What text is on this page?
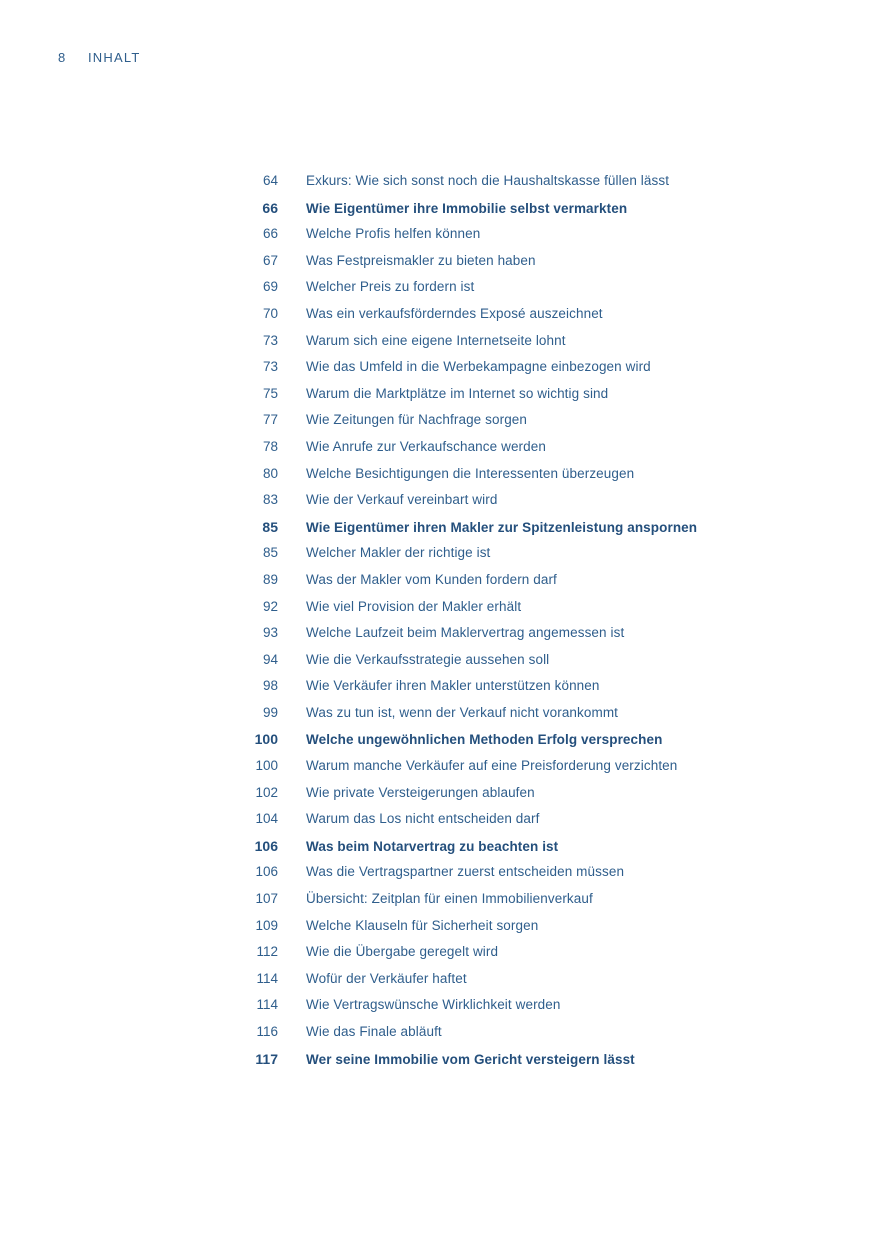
8 INHALT
64 Exkurs: Wie sich sonst noch die Haushaltskasse füllen lässt
66 Wie Eigentümer ihre Immobilie selbst vermarkten
66 Welche Profis helfen können
67 Was Festpreismakler zu bieten haben
69 Welcher Preis zu fordern ist
70 Was ein verkaufsförderndes Exposé auszeichnet
73 Warum sich eine eigene Internetseite lohnt
73 Wie das Umfeld in die Werbekampagne einbezogen wird
75 Warum die Marktplätze im Internet so wichtig sind
77 Wie Zeitungen für Nachfrage sorgen
78 Wie Anrufe zur Verkaufschance werden
80 Welche Besichtigungen die Interessenten überzeugen
83 Wie der Verkauf vereinbart wird
85 Wie Eigentümer ihren Makler zur Spitzenleistung anspornen
85 Welcher Makler der richtige ist
89 Was der Makler vom Kunden fordern darf
92 Wie viel Provision der Makler erhält
93 Welche Laufzeit beim Maklervertrag angemessen ist
94 Wie die Verkaufsstrategie aussehen soll
98 Wie Verkäufer ihren Makler unterstützen können
99 Was zu tun ist, wenn der Verkauf nicht vorankommt
100 Welche ungewöhnlichen Methoden Erfolg versprechen
100 Warum manche Verkäufer auf eine Preisforderung verzichten
102 Wie private Versteigerungen ablaufen
104 Warum das Los nicht entscheiden darf
106 Was beim Notarvertrag zu beachten ist
106 Was die Vertragspartner zuerst entscheiden müssen
107 Übersicht: Zeitplan für einen Immobilienverkauf
109 Welche Klauseln für Sicherheit sorgen
112 Wie die Übergabe geregelt wird
114 Wofür der Verkäufer haftet
114 Wie Vertragswünsche Wirklichkeit werden
116 Wie das Finale abläuft
117 Wer seine Immobilie vom Gericht versteigern lässt
